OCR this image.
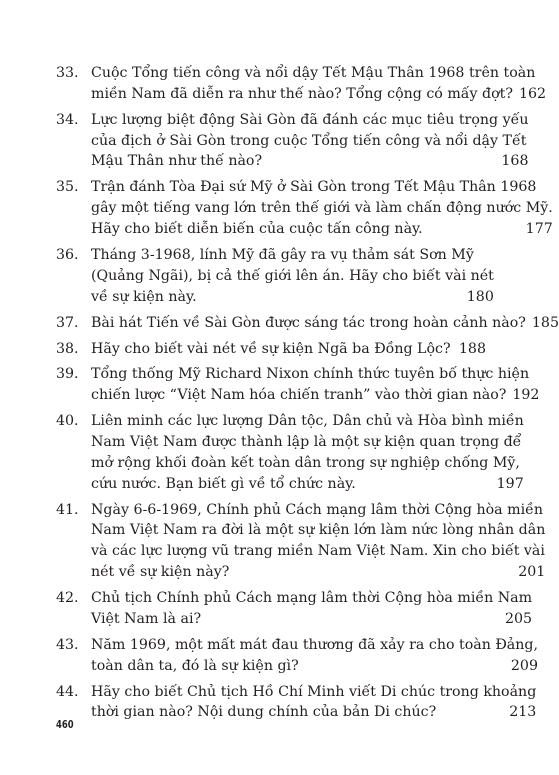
33. Cuộc Tổng tiến công và nổi dậy Tết Mậu Thân 1968 trên toàn
miền Nam đã diễn ra như thế nào? Tổng cộng có mấy đợt? 162
34. Lực lượng biệt động Sài Gòn đã đánh các mục tiêu trọng yếu
của địch ở Sài Gòn trong cuộc Tổng tiến công và nổi dậy Tết
Mậu Thân như thế nào?	168
35. Trận đánh Tòa Đại sứ Mỹ ở Sài Gòn trong Tết Mậu Thân 1968
gây một tiếng vang lớn trên thế giới và làm chấn động nước Mỹ.
Hãy cho biết diễn biến của cuộc tấn công này.	177
36. Tháng 3-1968, lính Mỹ đã gây ra vụ thảm sát Sơn Mỹ
(Quảng Ngãi), bị cả thế giới lên án. Hãy cho biết vài nét
về sự kiện này.	180
37. Bài hát Tiến về Sài Gòn được sáng tác trong hoàn cảnh nào? 185
38. Hãy cho biết vài nét về sự kiện Ngã ba Đồng Lộc? 188
39. Tổng thống Mỹ Richard Nixon chính thức tuyên bố thực hiện
chiến lược “Việt Nam hóa chiến tranh” vào thời gian nào? 192
40. Liên minh các lực lượng Dân tộc, Dân chủ và Hòa bình miền
Nam Việt Nam được thành lập là một sự kiện quan trọng để
mở rộng khối đoàn kết toàn dân trong sự nghiệp chống Mỹ,
cứu nước. Bạn biết gì về tổ chức này.	197
41. Ngày 6-6-1969, Chính phủ Cách mạng lâm thời Cộng hòa miền
Nam Việt Nam ra đời là một sự kiện lớn làm nức lòng nhân dân
và các lực lượng vũ trang miền Nam Việt Nam. Xin cho biết vài
nét về sự kiện này?	201
42. Chủ tịch Chính phủ Cách mạng lâm thời Cộng hòa miền Nam
Việt Nam là ai?	205
43. Năm 1969, một mất mát đau thương đã xảy ra cho toàn Đảng,
toàn dân ta, đó là sự kiện gì?	209
44. Hãy cho biết Chủ tịch Hồ Chí Minh viết Di chúc trong khoảng
thời gian nào? Nội dung chính của bản Di chúc?	213
460
